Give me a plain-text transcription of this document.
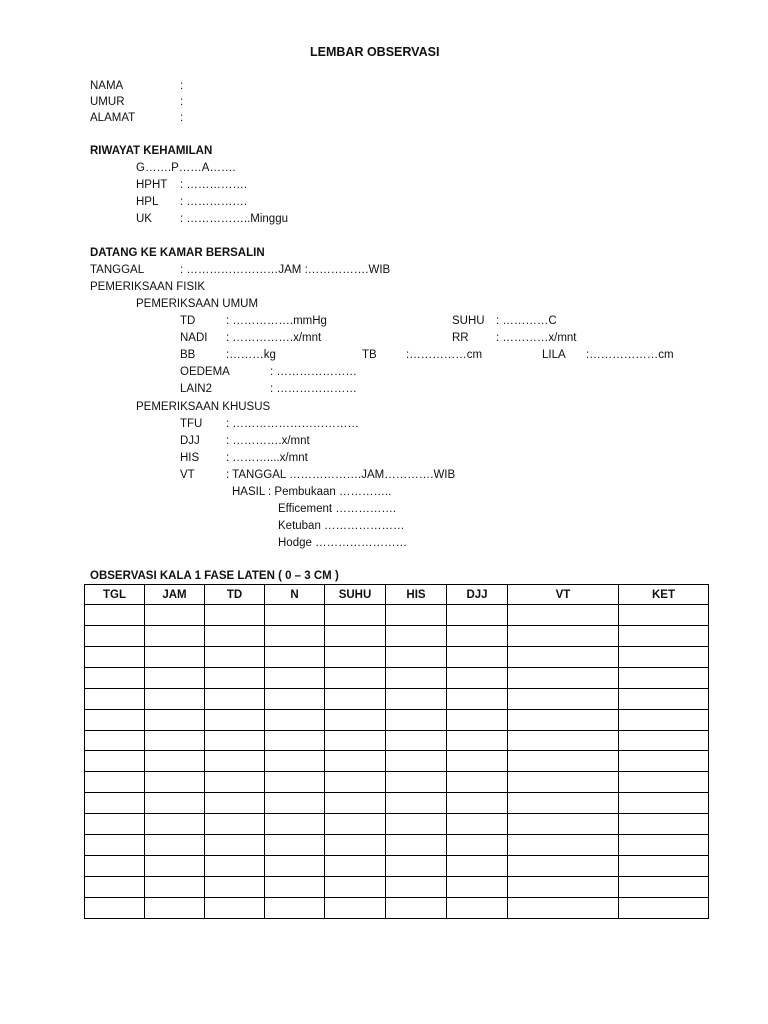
LEMBAR OBSERVASI
NAMA	:
UMUR	:
ALAMAT	:
RIWAYAT KEHAMILAN
G…….P……A…….
HPHT : …………….
HPL : …………….
UK : ……………..Minggu
DATANG KE KAMAR BERSALIN
TANGGAL	: ……………………JAM :…………….WIB
PEMERIKSAAN FISIK
PEMERIKSAAN UMUM
TD	: …………….mmHg	SUHU : …………C
NADI : …………….x/mnt	RR : …………x/mnt
BB	:………kg	TB	:……………cm	LILA :………………cm
OEDEMA	: …………………
LAIN2	: …………………
PEMERIKSAAN KHUSUS
TFU : ……………………………
DJJ : ………….x/mnt
HIS : ………....x/mnt
VT	: TANGGAL ……………….JAM………….WIB
HASIL : Pembukaan …………..
Efficement …………….
Ketuban …………………
Hodge ……………………
OBSERVASI KALA 1 FASE LATEN ( 0 – 3 CM )
TGL	JAM	TD	N	SUHU	HIS	DJJ	VT	KET
